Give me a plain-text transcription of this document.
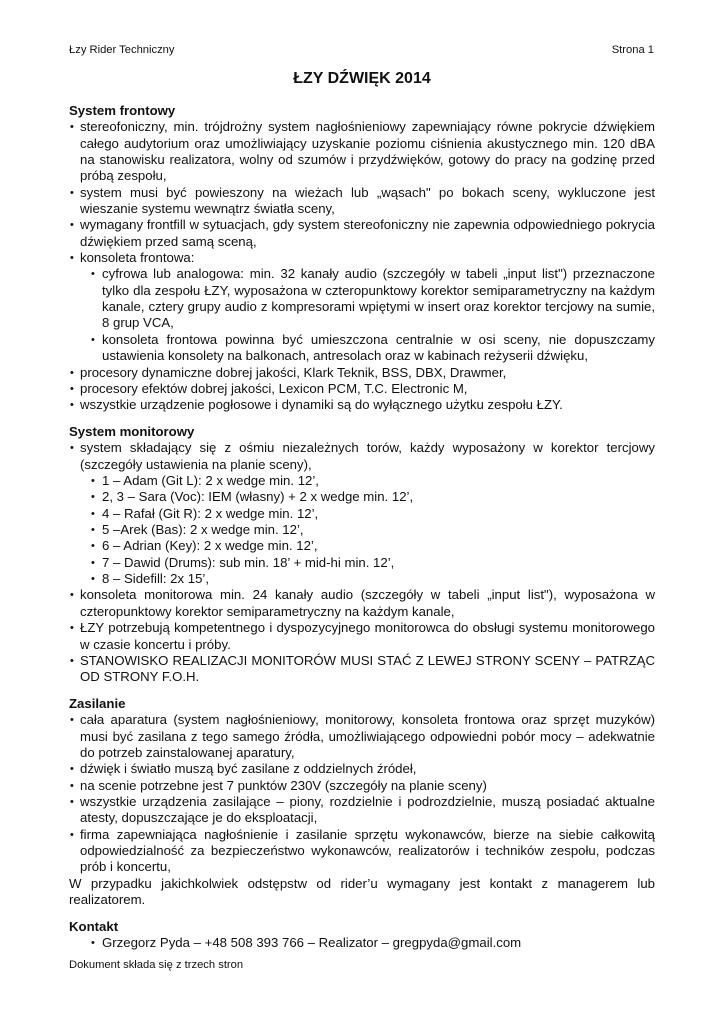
Łzy Rider Techniczny	Strona 1
ŁZY DŹWIĘK 2014
System frontowy
• stereofoniczny, min. trójdrożny system nagłośnieniowy zapewniający równe pokrycie dźwiękiem całego audytorium oraz umożliwiający uzyskanie poziomu ciśnienia akustycznego min. 120 dBA na stanowisku realizatora, wolny od szumów i przydźwięków, gotowy do pracy na godzinę przed próbą zespołu,
• system musi być powieszony na wieżach lub „wąsach" po bokach sceny, wykluczone jest wieszanie systemu wewnątrz światła sceny,
• wymagany frontfill w sytuacjach, gdy system stereofoniczny nie zapewnia odpowiedniego pokrycia dźwiękiem przed samą sceną,
• konsoleta frontowa:
• cyfrowa lub analogowa: min. 32 kanały audio (szczegóły w tabeli „input list") przeznaczone tylko dla zespołu ŁZY, wyposażona w czteropunktowy korektor semiparametryczny na każdym kanale, cztery grupy audio z kompresorami wpiętymi w insert oraz korektor tercjowy na sumie, 8 grup VCA,
• konsoleta frontowa powinna być umieszczona centralnie w osi sceny, nie dopuszczamy ustawienia konsolety na balkonach, antresolach oraz w kabinach reżyserii dźwięku,
• procesory dynamiczne dobrej jakości, Klark Teknik, BSS, DBX, Drawmer,
• procesory efektów dobrej jakości, Lexicon PCM, T.C. Electronic M,
• wszystkie urządzenie pogłosowe i dynamiki są do wyłącznego użytku zespołu ŁZY.
System monitorowy
• system składający się z ośmiu niezależnych torów, każdy wyposażony w korektor tercjowy (szczegóły ustawienia na planie sceny),
• 1 – Adam (Git L): 2 x wedge min. 12’,
• 2, 3 – Sara (Voc): IEM (własny) + 2 x wedge min. 12’,
• 4 – Rafał (Git R): 2 x wedge min. 12’,
• 5 –Arek (Bas): 2 x wedge min. 12’,
• 6 – Adrian (Key): 2 x wedge min. 12’,
• 7 – Dawid (Drums): sub min. 18’ + mid-hi min. 12’,
• 8 – Sidefill: 2x 15’,
• konsoleta monitorowa min. 24 kanały audio (szczegóły w tabeli „input list"), wyposażona w czteropunktowy korektor semiparametryczny na każdym kanale,
• ŁZY potrzebują kompetentnego i dyspozycyjnego monitorowca do obsługi systemu monitorowego w czasie koncertu i próby.
• STANOWISKO REALIZACJI MONITORÓW MUSI STAĆ Z LEWEJ STRONY SCENY – PATRZĄC OD STRONY F.O.H.
Zasilanie
• cała aparatura (system nagłośnieniowy, monitorowy, konsoleta frontowa oraz sprzęt muzyków) musi być zasilana z tego samego źródła, umożliwiającego odpowiedni pobór mocy – adekwatnie do potrzeb zainstalowanej aparatury,
• dźwięk i światło muszą być zasilane z oddzielnych źródeł,
• na scenie potrzebne jest 7 punktów 230V (szczegóły na planie sceny)
• wszystkie urządzenia zasilające – piony, rozdzielnie i podrozdzielnie, muszą posiadać aktualne atesty, dopuszczające je do eksploatacji,
• firma zapewniająca nagłośnienie i zasilanie sprzętu wykonawców, bierze na siebie całkowitą odpowiedzialność za bezpieczeństwo wykonawców, realizatorów i techników zespołu, podczas prób i koncertu,
W przypadku jakichkolwiek odstępstw od rider’u wymagany jest kontakt z managerem lub realizatorem.
Kontakt
• Grzegorz Pyda – +48 508 393 766 – Realizator – gregpyda@gmail.com
Dokument składa się z trzech stron
